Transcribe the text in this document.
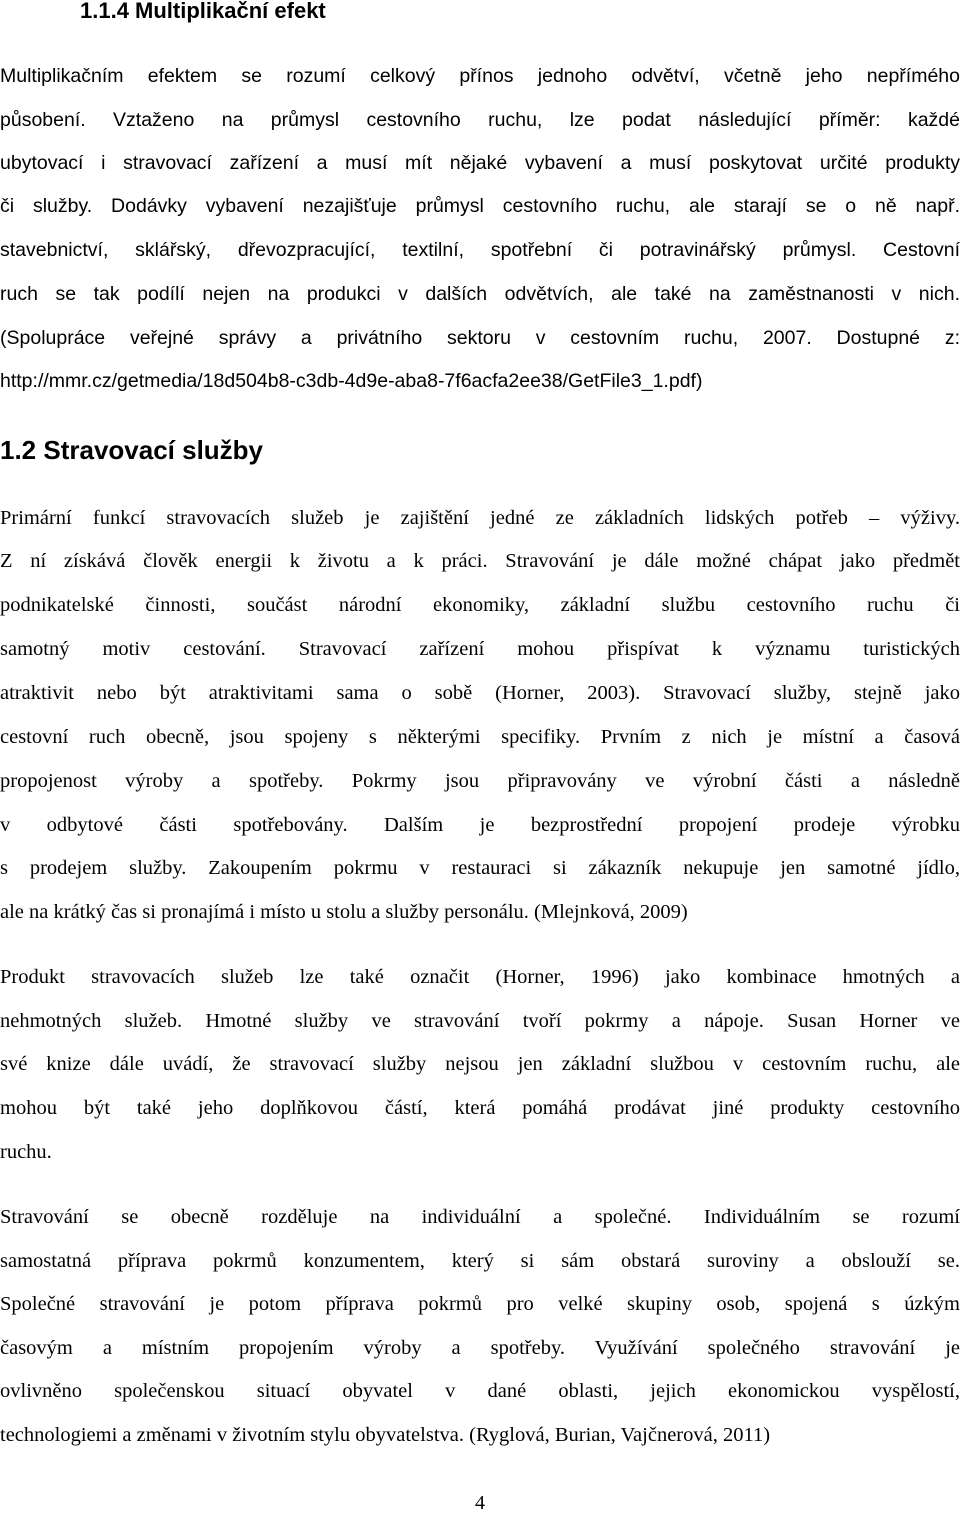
1.1.4 Multiplikační efekt
Multiplikačním efektem se rozumí celkový přínos jednoho odvětví, včetně jeho nepřímého
působení. Vztaženo na průmysl cestovního ruchu, lze podat následující příměr: každé
ubytovací i stravovací zařízení a musí mít nějaké vybavení a musí poskytovat určité produkty
či služby. Dodávky vybavení nezajišťuje průmysl cestovního ruchu, ale starají se o ně např.
stavebnictví, sklářský, dřevozpracující, textilní, spotřební či potravinářský průmysl. Cestovní
ruch se tak podílí nejen na produkci v dalších odvětvích, ale také na zaměstnanosti v nich.
(Spolupráce veřejné správy a privátního sektoru v cestovním ruchu, 2007. Dostupné z:
http://mmr.cz/getmedia/18d504b8-c3db-4d9e-aba8-7f6acfa2ee38/GetFile3_1.pdf)
1.2 Stravovací služby
Primární funkcí stravovacích služeb je zajištění jedné ze základních lidských potřeb – výživy.
Z ní získává člověk energii k životu a k práci. Stravování je dále možné chápat jako předmět
podnikatelské činnosti, součást národní ekonomiky, základní službu cestovního ruchu či
samotný motiv cestování. Stravovací zařízení mohou přispívat k významu turistických
atraktivit nebo být atraktivitami sama o sobě (Horner, 2003). Stravovací služby, stejně jako
cestovní ruch obecně, jsou spojeny s některými specifiky. Prvním z nich je místní a časová
propojenost výroby a spotřeby. Pokrmy jsou připravovány ve výrobní části a následně
v odbytové části spotřebovány. Dalším je bezprostřední propojení prodeje výrobku
s prodejem služby. Zakoupením pokrmu v restauraci si zákazník nekupuje jen samotné jídlo,
ale na krátký čas si pronajímá i místo u stolu a služby personálu. (Mlejnková, 2009)
Produkt stravovacích služeb lze také označit (Horner, 1996) jako kombinace hmotných a
nehmotných služeb. Hmotné služby ve stravování tvoří pokrmy a nápoje. Susan Horner ve
své knize dále uvádí, že stravovací služby nejsou jen základní službou v cestovním ruchu, ale
mohou být také jeho doplňkovou částí, která pomáhá prodávat jiné produkty cestovního
ruchu.
Stravování se obecně rozděluje na individuální a společné. Individuálním se rozumí
samostatná příprava pokrmů konzumentem, který si sám obstará suroviny a obslouží se.
Společné stravování je potom příprava pokrmů pro velké skupiny osob, spojená s úzkým
časovým a místním propojením výroby a spotřeby. Využívání společného stravování je
ovlivněno společenskou situací obyvatel v dané oblasti, jejich ekonomickou vyspělostí,
technologiemi a změnami v životním stylu obyvatelstva. (Ryglová, Burian, Vajčnerová, 2011)
4
